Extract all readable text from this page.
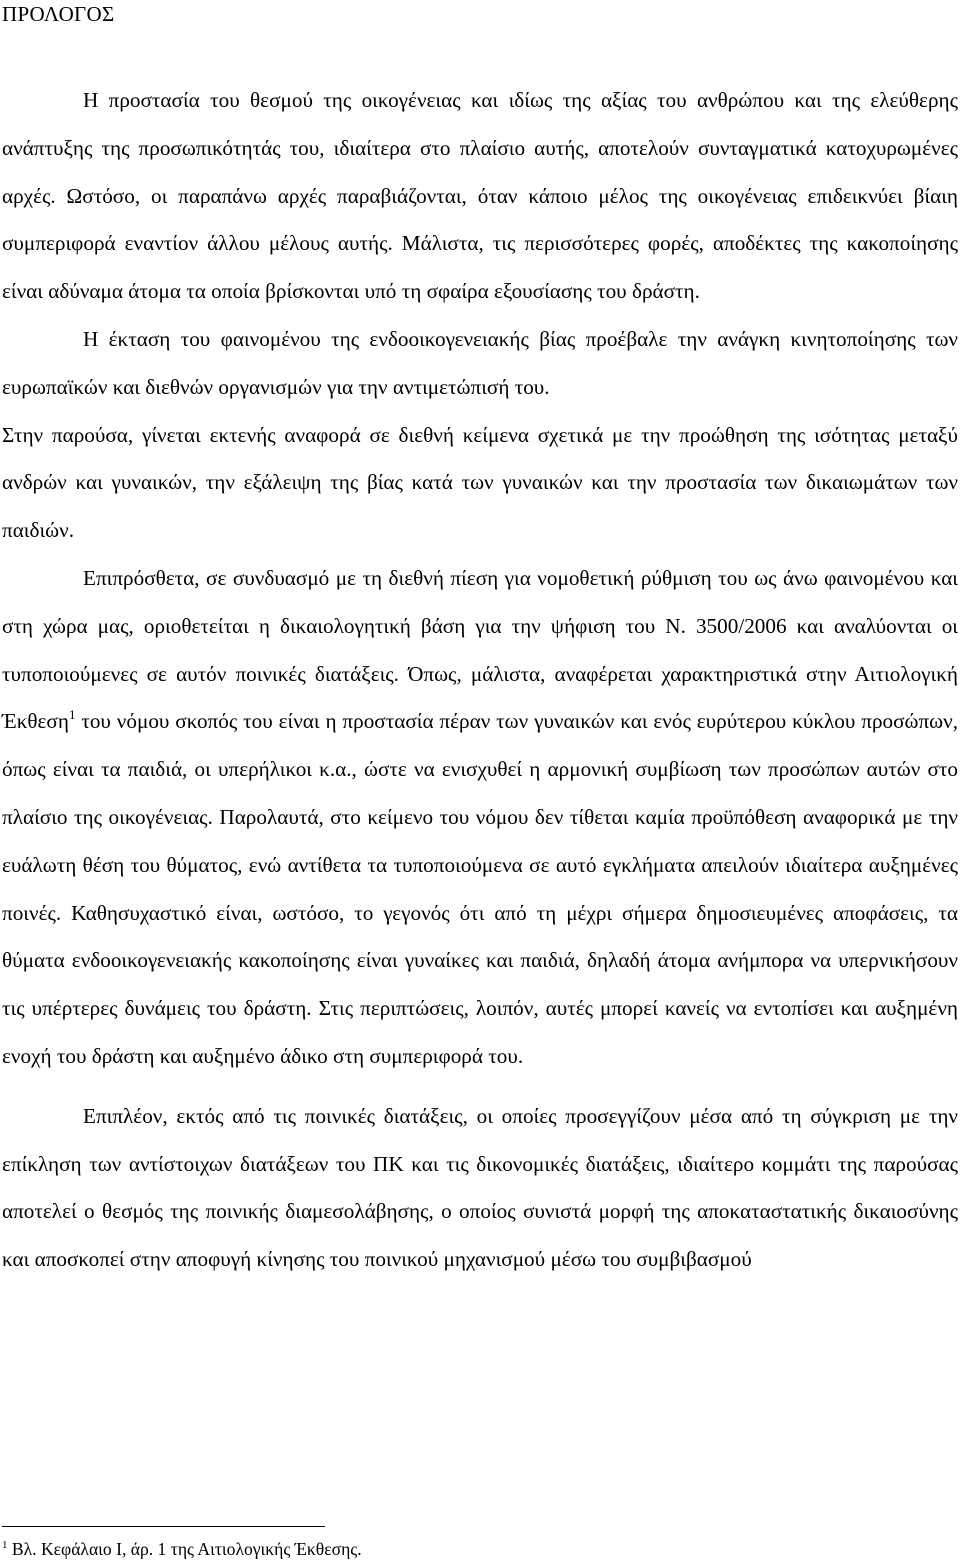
ΠΡΟΛΟΓΟΣ

Η προστασία του θεσμού της οικογένειας και ιδίως της αξίας του ανθρώπου και της ελεύθερης ανάπτυξης της προσωπικότητάς του, ιδιαίτερα στο πλαίσιο αυτής, αποτελούν συνταγματικά κατοχυρωμένες αρχές. Ωστόσο, οι παραπάνω αρχές παραβιάζονται, όταν κάποιο μέλος της οικογένειας επιδεικνύει βίαιη συμπεριφορά εναντίον άλλου μέλους αυτής. Μάλιστα, τις περισσότερες φορές, αποδέκτες της κακοποίησης είναι αδύναμα άτομα τα οποία βρίσκονται υπό τη σφαίρα εξουσίασης του δράστη.

Η έκταση του φαινομένου της ενδοοικογενειακής βίας προέβαλε την ανάγκη κινητοποίησης των ευρωπαϊκών και διεθνών οργανισμών για την αντιμετώπισή του.

Στην παρούσα, γίνεται εκτενής αναφορά σε διεθνή κείμενα σχετικά με την προώθηση της ισότητας μεταξύ ανδρών και γυναικών, την εξάλειψη της βίας κατά των γυναικών και την προστασία των δικαιωμάτων των παιδιών.

Επιπρόσθετα, σε συνδυασμό με τη διεθνή πίεση για νομοθετική ρύθμιση του ως άνω φαινομένου και στη χώρα μας, οριοθετείται η δικαιολογητική βάση για την ψήφιση του Ν. 3500/2006 και αναλύονται οι τυποποιούμενες σε αυτόν ποινικές διατάξεις. Όπως, μάλιστα, αναφέρεται χαρακτηριστικά στην Αιτιολογική Έκθεση$^1$ του νόμου σκοπός του είναι η προστασία πέραν των γυναικών και ενός ευρύτερου κύκλου προσώπων, όπως είναι τα παιδιά, οι υπερήλικοι κ.α., ώστε να ενισχυθεί η αρμονική συμβίωση των προσώπων αυτών στο πλαίσιο της οικογένειας. Παρολαυτά, στο κείμενο του νόμου δεν τίθεται καμία προϋπόθεση αναφορικά με την ευάλωτη θέση του θύματος, ενώ αντίθετα τα τυποποιούμενα σε αυτό εγκλήματα απειλούν ιδιαίτερα αυξημένες ποινές. Καθησυχαστικό είναι, ωστόσο, το γεγονός ότι από τη μέχρι σήμερα δημοσιευμένες αποφάσεις, τα θύματα ενδοοικογενειακής κακοποίησης είναι γυναίκες και παιδιά, δηλαδή άτομα ανήμπορα να υπερνικήσουν τις υπέρτερες δυνάμεις του δράστη. Στις περιπτώσεις, λοιπόν, αυτές μπορεί κανείς να εντοπίσει και αυξημένη ενοχή του δράστη και αυξημένο άδικο στη συμπεριφορά του.

Επιπλέον, εκτός από τις ποινικές διατάξεις, οι οποίες προσεγγίζουν μέσα από τη σύγκριση με την επίκληση των αντίστοιχων διατάξεων του ΠΚ και τις δικονομικές διατάξεις, ιδιαίτερο κομμάτι της παρούσας αποτελεί ο θεσμός της ποινικής διαμεσολάβησης, ο οποίος συνιστά μορφή της αποκαταστατικής δικαιοσύνης και αποσκοπεί στην αποφυγή κίνησης του ποινικού μηχανισμού μέσω του συμβιβασμού

$^1$ Βλ. Κεφάλαιο Ι, άρ. 1 της Αιτιολογικής Έκθεσης.
